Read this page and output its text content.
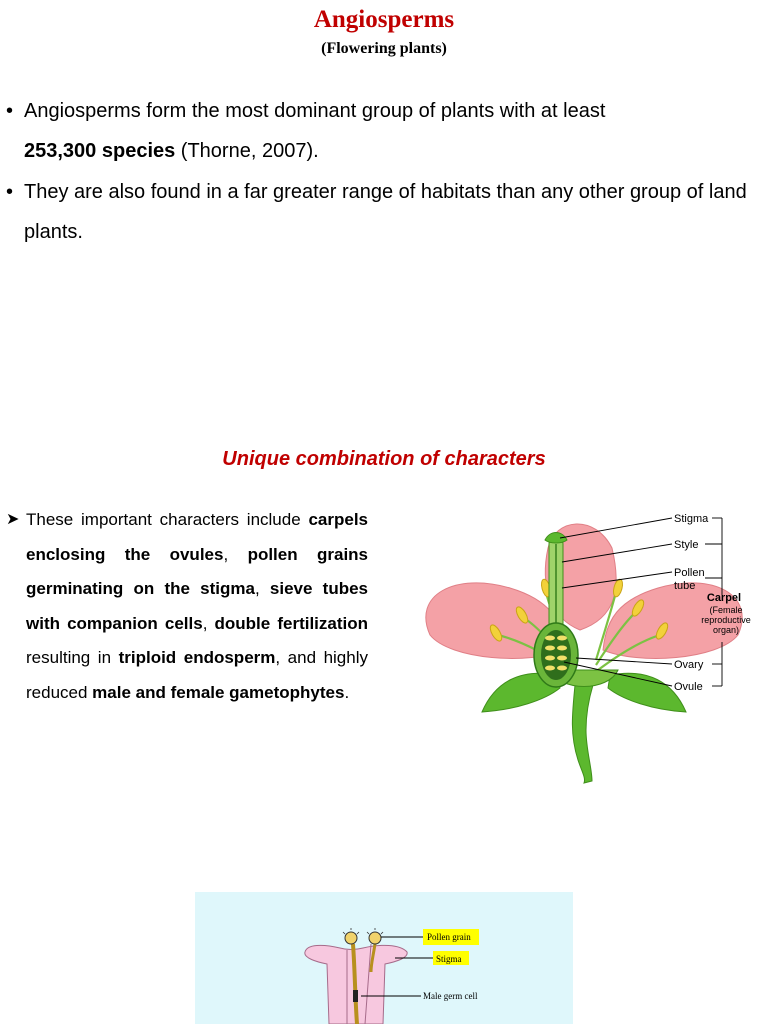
Angiosperms
(Flowering plants)
• Angiosperms form the most dominant group of plants with at least
253,300 species (Thorne, 2007).
• They are also found in a far greater range of habitats than any other group of land plants.
Unique combination of characters
➤ These important characters include carpels enclosing the ovules, pollen grains germinating on the stigma, sieve tubes with companion cells, double fertilization resulting in triploid endosperm, and highly reduced male and female gametophytes.
Stigma
Style
Pollen
tube
Carpel
(Female
reproductive
organ)
Ovary
Ovule
Pollen grain
Stigma
Male germ cell
